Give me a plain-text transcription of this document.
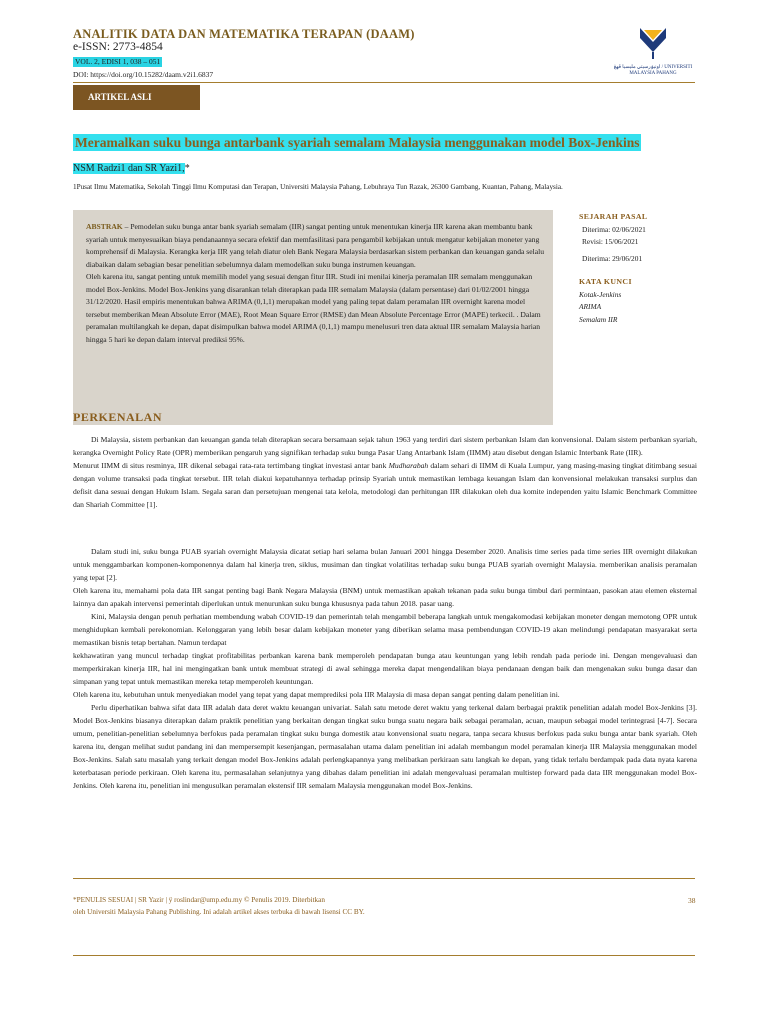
ANALITIK DATA DAN MATEMATIKA TERAPAN (DAAM)
e-ISSN: 2773-4854
VOL. 2, EDISI 1, 038 – 051
DOI: https://doi.org/10.15282/daam.v2i1.6837
اونيۏرسيتي مليسيا ڤهڠ / UNIVERSITI MALAYSIA PAHANG
ARTIKEL ASLI
Meramalkan suku bunga antarbank syariah semalam Malaysia menggunakan model Box-Jenkins
NSM Radzi1 dan SR Yazi1,*
1Pusat Ilmu Matematika, Sekolah Tinggi Ilmu Komputasi dan Terapan, Universiti Malaysia Pahang, Lebuhraya Tun Razak, 26300 Gambang, Kuantan, Pahang, Malaysia.
ABSTRAK – Pemodelan suku bunga antar bank syariah semalam (IIR) sangat penting untuk menentukan kinerja IIR karena akan membantu bank syariah untuk menyesuaikan biaya pendanaannya secara efektif dan memfasilitasi para pengambil kebijakan untuk mengatur kebijakan moneter yang komprehensif di Malaysia. Kerangka kerja IIR yang telah diatur oleh Bank Negara Malaysia berdasarkan sistem perbankan dan keuangan ganda selalu diabaikan dalam sebagian besar penelitian sebelumnya dalam memodelkan suku bunga instrumen keuangan.
Oleh karena itu, sangat penting untuk memilih model yang sesuai dengan fitur IIR. Studi ini menilai kinerja peramalan IIR semalam menggunakan model Box-Jenkins. Model Box-Jenkins yang disarankan telah diterapkan pada IIR semalam Malaysia (dalam persentase) dari 01/02/2001 hingga 31/12/2020. Hasil empiris menentukan bahwa ARIMA (0,1,1) merupakan model yang paling tepat dalam peramalan IIR overnight karena model tersebut memberikan Mean Absolute Error (MAE), Root Mean Square Error (RMSE) dan Mean Absolute Percentage Error (MAPE) terkecil. . Dalam peramalan multilangkah ke depan, dapat disimpulkan bahwa model ARIMA (0,1,1) mampu menelusuri tren data aktual IIR semalam Malaysia harian hingga 5 hari ke depan dalam interval prediksi 95%.
SEJARAH PASAL
Diterima: 02/06/2021
Revisi: 15/06/2021
Diterima: 29/06/201
KATA KUNCI
Kotak-Jenkins
ARIMA
Semalam IIR
PERKENALAN

Di Malaysia, sistem perbankan dan keuangan ganda telah diterapkan secara bersamaan sejak tahun 1963 yang terdiri dari sistem perbankan Islam dan konvensional. Dalam sistem perbankan syariah, kerangka Overnight Policy Rate (OPR) memberikan pengaruh yang signifikan terhadap suku bunga Pasar Uang Antarbank Islam (IIMM) atau disebut dengan Islamic Interbank Rate (IIR).

Menurut IIMM di situs resminya, IIR dikenal sebagai rata-rata tertimbang tingkat investasi antar bank Mudharabah dalam sehari di IIMM di Kuala Lumpur, yang masing-masing tingkat ditimbang sesuai dengan volume transaksi pada tingkat tersebut. IIR telah diakui kepatuhannya terhadap prinsip Syariah untuk memastikan lembaga keuangan Islam dan konvensional melakukan transaksi surplus dan defisit dana sesuai dengan Hukum Islam. Segala saran dan persetujuan mengenai tata kelola, metodologi dan perhitungan IIR dilakukan oleh dua komite independen yaitu Islamic Benchmark Committee dan Shariah Committee [1].

Dalam studi ini, suku bunga PUAB syariah overnight Malaysia dicatat setiap hari selama bulan Januari 2001 hingga Desember 2020. Analisis time series pada time series IIR overnight dilakukan untuk menggambarkan komponen-komponennya dalam hal kinerja tren, siklus, musiman dan tingkat volatilitas terhadap suku bunga PUAB syariah overnight Malaysia. memberikan analisis peramalan yang tepat [2].

Oleh karena itu, memahami pola data IIR sangat penting bagi Bank Negara Malaysia (BNM) untuk memastikan apakah tekanan pada suku bunga timbul dari permintaan, pasokan atau elemen eksternal lainnya dan apakah intervensi pemerintah diperlukan untuk menurunkan suku bunga khususnya pada tahun 2018. pasar uang.

Kini, Malaysia dengan penuh perhatian membendung wabah COVID-19 dan pemerintah telah mengambil beberapa langkah untuk mengakomodasi kebijakan moneter dengan memotong OPR untuk menghidupkan kembali perekonomian. Kelonggaran yang lebih besar dalam kebijakan moneter yang diberikan selama masa pembendungan COVID-19 akan melindungi pendapatan masyarakat serta memastikan bisnis tetap bertahan. Namun terdapat

kekhawatiran yang muncul terhadap tingkat profitabilitas perbankan karena bank memperoleh pendapatan bunga atau keuntungan yang lebih rendah pada periode ini. Dengan mengevaluasi dan memperkirakan kinerja IIR, hal ini mengingatkan bank untuk membuat strategi di awal sehingga mereka dapat mengendalikan biaya pendanaan dengan baik dan mengenakan suku bunga dasar dan simpanan yang tepat untuk memastikan mereka tetap memperoleh keuntungan.

Oleh karena itu, kebutuhan untuk menyediakan model yang tepat yang dapat memprediksi pola IIR Malaysia di masa depan sangat penting dalam penelitian ini.

Perlu diperhatikan bahwa sifat data IIR adalah data deret waktu keuangan univariat. Salah satu metode deret waktu yang terkenal dalam berbagai praktik penelitian adalah model Box-Jenkins [3]. Model Box-Jenkins biasanya diterapkan dalam praktik penelitian yang berkaitan dengan tingkat suku bunga suatu negara baik sebagai peramalan, acuan, maupun sebagai model terintegrasi [4-7]. Secara umum, penelitian-penelitian sebelumnya berfokus pada peramalan tingkat suku bunga domestik atau konvensional suatu negara, tanpa secara khusus berfokus pada suku bunga antar bank syariah. Oleh karena itu, dengan melihat sudut pandang ini dan mempersempit kesenjangan, permasalahan utama dalam penelitian ini adalah membangun model peramalan kinerja IIR Malaysia menggunakan model Box-Jenkins. Salah satu masalah yang terkait dengan model Box-Jenkins adalah perlengkapannya yang melibatkan perkiraan satu langkah ke depan, yang tidak terlalu berdampak pada data nyata karena keterbatasan periode perkiraan. Oleh karena itu, permasalahan selanjutnya yang dibahas dalam penelitian ini adalah mengevaluasi peramalan multistep forward pada data IIR menggunakan model Box- Jenkins. Oleh karena itu, penelitian ini mengusulkan peramalan ekstensif IIR semalam Malaysia menggunakan model Box-Jenkins.

*PENULIS SESUAI | SR Yazir | ÿ roslindar@ump.edu.my © Penulis 2019. Diterbitkan
oleh Universiti Malaysia Pahang Publishing. Ini adalah artikel akses terbuka di bawah lisensi CC BY.
38
